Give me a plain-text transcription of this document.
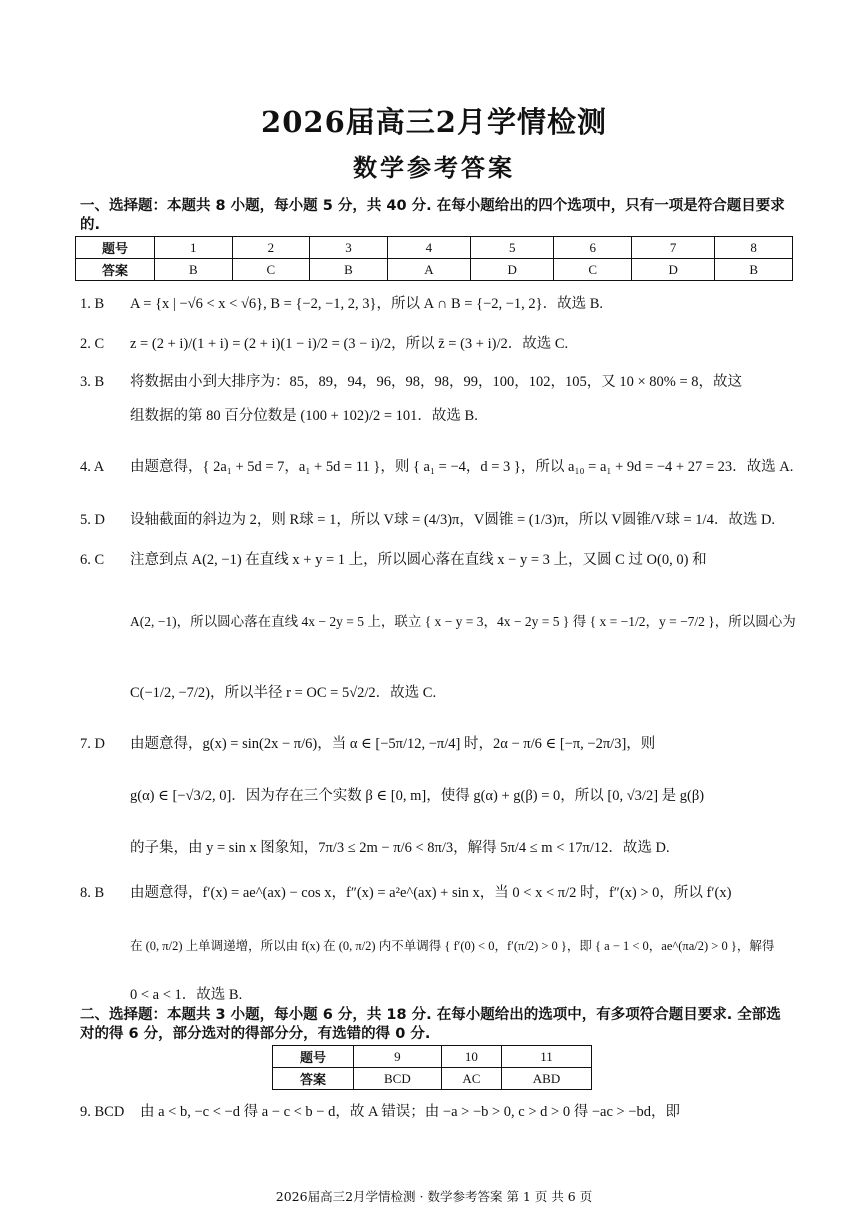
2026届高三2月学情检测
数学参考答案
一、选择题：本题共 8 小题，每小题 5 分，共 40 分. 在每小题给出的四个选项中，只有一项是符合题目要求的.
题号	1	2	3	4	5	6	7	8
答案	B	C	B	A	D	C	D	B
1. B A = {x | −√6 < x < √6}, B = {−2, −1, 2, 3}，所以 A ∩ B = {−2, −1, 2}．故选 B.
2. C z = (2 + i)/(1 + i) = (2 + i)(1 − i)/2 = (3 − i)/2，所以 z̄ = (3 + i)/2．故选 C.
3. B 将数据由小到大排序为：85，89，94，96，98，98，99，100，102，105，又 10 × 80% = 8，故这
组数据的第 80 百分位数是 (100 + 102)/2 = 101．故选 B.
4. A 由题意得，{ 2a₁ + 5d = 7，a₁ + 5d = 11 }，则 { a₁ = −4，d = 3 }，所以 a₁₀ = a₁ + 9d = −4 + 27 = 23．故选 A.
5. D 设轴截面的斜边为 2，则 R球 = 1，所以 V球 = (4/3)π，V圆锥 = (1/3)π，所以 V圆锥/V球 = 1/4．故选 D.
6. C 注意到点 A(2, −1) 在直线 x + y = 1 上，所以圆心落在直线 x − y = 3 上，又圆 C 过 O(0, 0) 和
A(2, −1)，所以圆心落在直线 4x − 2y = 5 上，联立 { x − y = 3，4x − 2y = 5 } 得 { x = −1/2，y = −7/2 }，所以圆心为
C(−1/2, −7/2)，所以半径 r = OC = 5√2/2．故选 C.
7. D 由题意得，g(x) = sin(2x − π/6)，当 α ∈ [−5π/12, −π/4] 时，2α − π/6 ∈ [−π, −2π/3]，则
g(α) ∈ [−√3/2, 0]．因为存在三个实数 β ∈ [0, m]，使得 g(α) + g(β) = 0，所以 [0, √3/2] 是 g(β)
的子集，由 y = sin x 图象知，7π/3 ≤ 2m − π/6 < 8π/3，解得 5π/4 ≤ m < 17π/12．故选 D.
8. B 由题意得，f′(x) = ae^(ax) − cos x，f″(x) = a²e^(ax) + sin x，当 0 < x < π/2 时，f″(x) > 0，所以 f′(x)
在 (0, π/2) 上单调递增，所以由 f(x) 在 (0, π/2) 内不单调得 { f′(0) < 0，f′(π/2) > 0 }，即 { a − 1 < 0，ae^(πa/2) > 0 }，解得
0 < a < 1．故选 B.
二、选择题：本题共 3 小题，每小题 6 分，共 18 分. 在每小题给出的选项中，有多项符合题目要求. 全部选对的得 6 分，部分选对的得部分分，有选错的得 0 分.
题号	9	10	11
答案	BCD	AC	ABD
9. BCD 由 a < b, −c < −d 得 a − c < b − d，故 A 错误；由 −a > −b > 0, c > d > 0 得 −ac > −bd，即
2026届高三2月学情检测 · 数学参考答案 第 1 页 共 6 页
